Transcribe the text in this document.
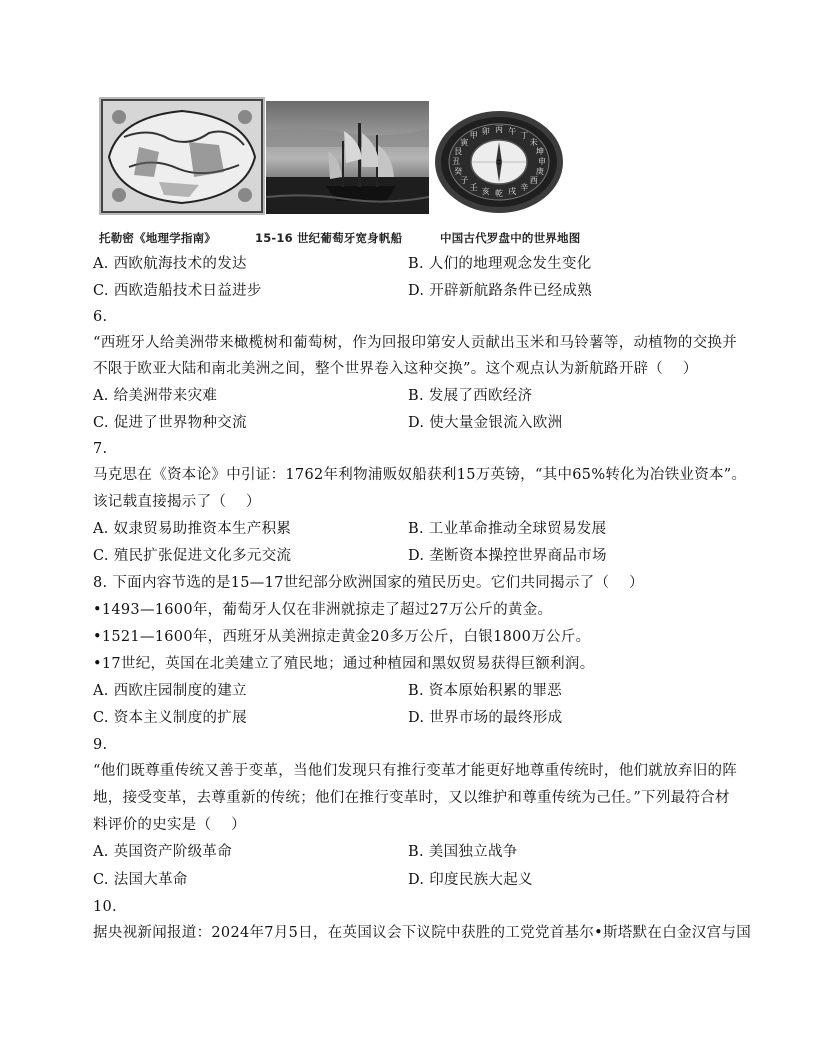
丙 午
丁
未
坤
申
庚
酉
辛
戌
乾
亥
壬
子
癸
丑
艮
寅
甲
卯
托勒密《地理学指南》	15-16 世纪葡萄牙宽身帆船	中国古代罗盘中的世界地图
A. 西欧航海技术的发达	B. 人们的地理观念发生变化
C. 西欧造船技术日益进步	D. 开辟新航路条件已经成熟
6.
“西班牙人给美洲带来橄榄树和葡萄树，作为回报印第安人贡献出玉米和马铃薯等，动植物的交换并
不限于欧亚大陆和南北美洲之间，整个世界卷入这种交换”。这个观点认为新航路开辟（　 ）
A. 给美洲带来灾难	B. 发展了西欧经济
C. 促进了世界物种交流	D. 使大量金银流入欧洲
7.
马克思在《资本论》中引证：1762年利物浦贩奴船获利15万英镑，“其中65%转化为冶铁业资本”。
该记载直接揭示了（　 ）
A. 奴隶贸易助推资本生产积累	B. 工业革命推动全球贸易发展
C. 殖民扩张促进文化多元交流	D. 垄断资本操控世界商品市场
8. 下面内容节选的是15—17世纪部分欧洲国家的殖民历史。它们共同揭示了（　 ）
•1493—1600年，葡萄牙人仅在非洲就掠走了超过27万公斤的黄金。
•1521—1600年，西班牙从美洲掠走黄金20多万公斤，白银1800万公斤。
•17世纪，英国在北美建立了殖民地；通过种植园和黑奴贸易获得巨额利润。
A. 西欧庄园制度的建立	B. 资本原始积累的罪恶
C. 资本主义制度的扩展	D. 世界市场的最终形成
9.
“他们既尊重传统又善于变革，当他们发现只有推行变革才能更好地尊重传统时，他们就放弃旧的阵
地，接受变革，去尊重新的传统；他们在推行变革时，又以维护和尊重传统为己任。”下列最符合材
料评价的史实是（　 ）
A. 英国资产阶级革命	B. 美国独立战争
C. 法国大革命	D. 印度民族大起义
10.
据央视新闻报道：2024年7月5日，在英国议会下议院中获胜的工党党首基尔•斯塔默在白金汉宫与国
